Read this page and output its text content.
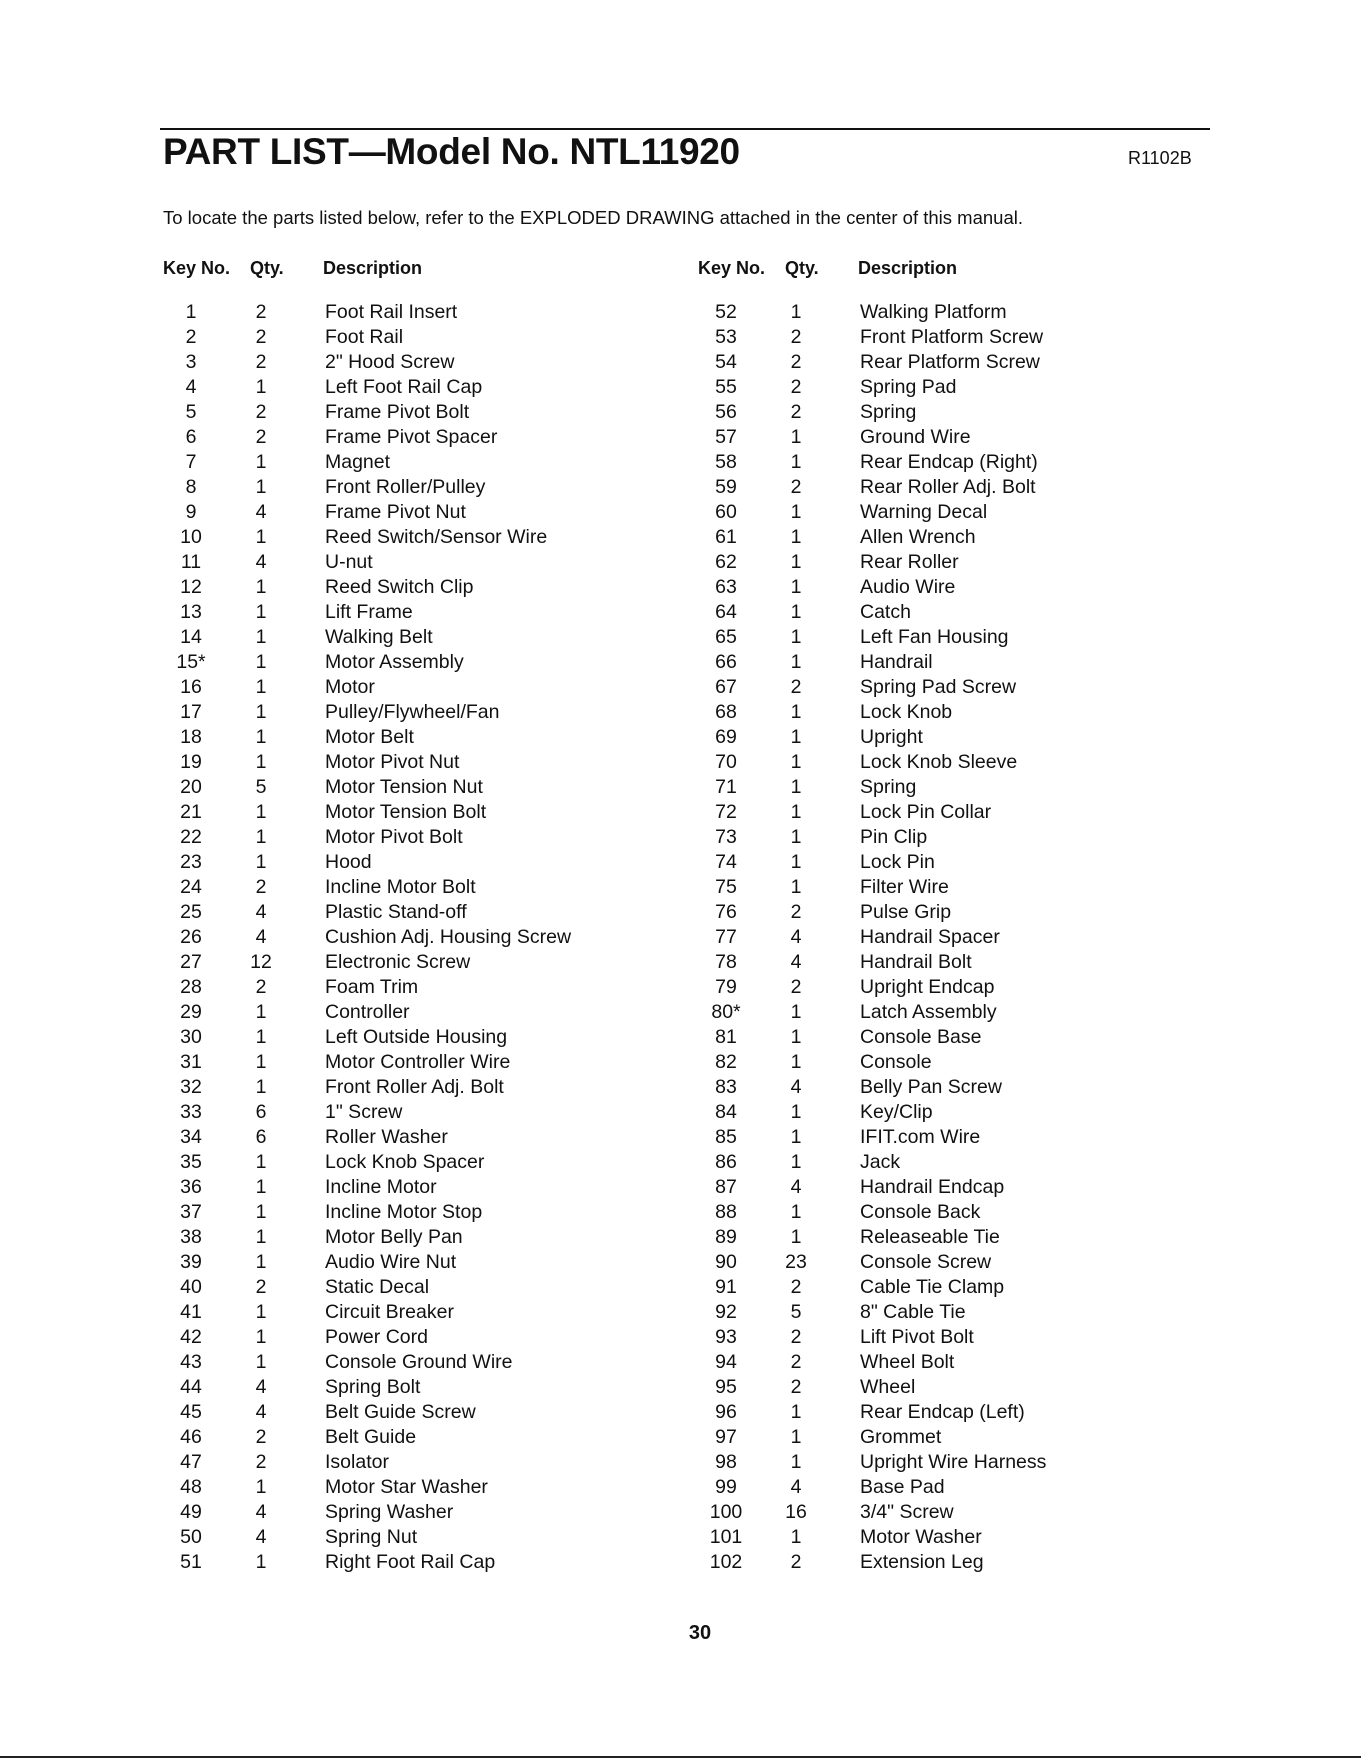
PART LIST—Model No. NTL11920	R1102B
To locate the parts listed below, refer to the EXPLODED DRAWING attached in the center of this manual.
Key No. Qty. Description
1	2	Foot Rail Insert
2	2	Foot Rail
3	2	2" Hood Screw
4	1	Left Foot Rail Cap
5	2	Frame Pivot Bolt
6	2	Frame Pivot Spacer
7	1	Magnet
8	1	Front Roller/Pulley
9	4	Frame Pivot Nut
10	1	Reed Switch/Sensor Wire
11	4	U-nut
12	1	Reed Switch Clip
13	1	Lift Frame
14	1	Walking Belt
15*	1	Motor Assembly
16	1	Motor
17	1	Pulley/Flywheel/Fan
18	1	Motor Belt
19	1	Motor Pivot Nut
20	5	Motor Tension Nut
21	1	Motor Tension Bolt
22	1	Motor Pivot Bolt
23	1	Hood
24	2	Incline Motor Bolt
25	4	Plastic Stand-off
26	4	Cushion Adj. Housing Screw
27	12	Electronic Screw
28	2	Foam Trim
29	1	Controller
30	1	Left Outside Housing
31	1	Motor Controller Wire
32	1	Front Roller Adj. Bolt
33	6	1" Screw
34	6	Roller Washer
35	1	Lock Knob Spacer
36	1	Incline Motor
37	1	Incline Motor Stop
38	1	Motor Belly Pan
39	1	Audio Wire Nut
40	2	Static Decal
41	1	Circuit Breaker
42	1	Power Cord
43	1	Console Ground Wire
44	4	Spring Bolt
45	4	Belt Guide Screw
46	2	Belt Guide
47	2	Isolator
48	1	Motor Star Washer
49	4	Spring Washer
50	4	Spring Nut
51	1	Right Foot Rail Cap
Key No. Qty. Description
52	1	Walking Platform
53	2	Front Platform Screw
54	2	Rear Platform Screw
55	2	Spring Pad
56	2	Spring
57	1	Ground Wire
58	1	Rear Endcap (Right)
59	2	Rear Roller Adj. Bolt
60	1	Warning Decal
61	1	Allen Wrench
62	1	Rear Roller
63	1	Audio Wire
64	1	Catch
65	1	Left Fan Housing
66	1	Handrail
67	2	Spring Pad Screw
68	1	Lock Knob
69	1	Upright
70	1	Lock Knob Sleeve
71	1	Spring
72	1	Lock Pin Collar
73	1	Pin Clip
74	1	Lock Pin
75	1	Filter Wire
76	2	Pulse Grip
77	4	Handrail Spacer
78	4	Handrail Bolt
79	2	Upright Endcap
80*	1	Latch Assembly
81	1	Console Base
82	1	Console
83	4	Belly Pan Screw
84	1	Key/Clip
85	1	IFIT.com Wire
86	1	Jack
87	4	Handrail Endcap
88	1	Console Back
89	1	Releaseable Tie
90	23	Console Screw
91	2	Cable Tie Clamp
92	5	8" Cable Tie
93	2	Lift Pivot Bolt
94	2	Wheel Bolt
95	2	Wheel
96	1	Rear Endcap (Left)
97	1	Grommet
98	1	Upright Wire Harness
99	4	Base Pad
100	16	3/4" Screw
101	1	Motor Washer
102	2	Extension Leg
30
